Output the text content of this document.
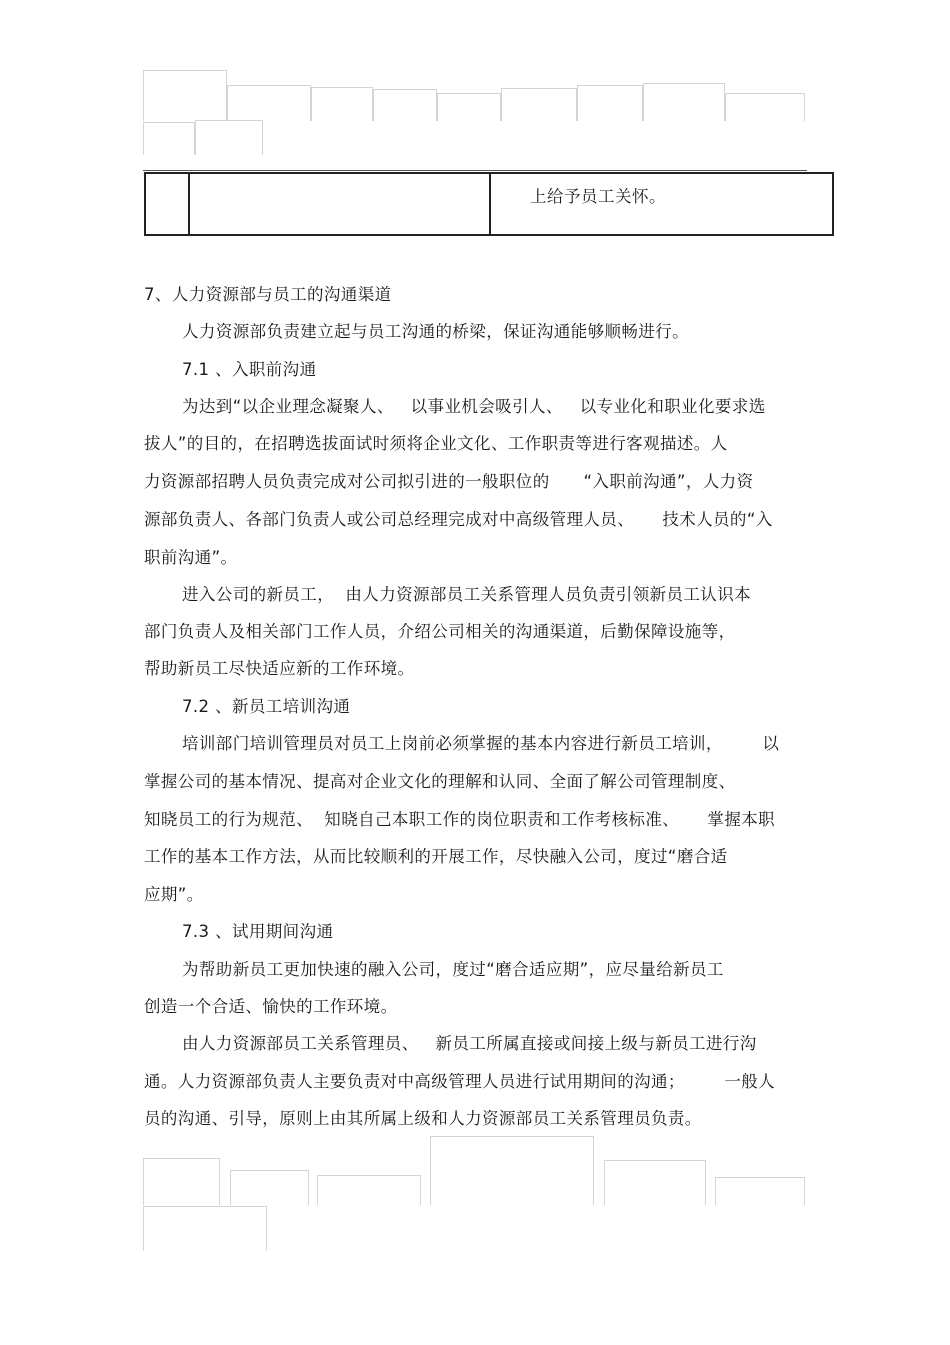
上给予员工关怀。
7、人力资源部与员工的沟通渠道
人力资源部负责建立起与员工沟通的桥梁，保证沟通能够顺畅进行。
7.1 、入职前沟通
为达到“以企业理念凝聚人、   以事业机会吸引人、   以专业化和职业化要求选
拔人”的目的，在招聘选拔面试时须将企业文化、工作职责等进行客观描述。人
力资源部招聘人员负责完成对公司拟引进的一般职位的      “入职前沟通”，人力资
源部负责人、各部门负责人或公司总经理完成对中高级管理人员、     技术人员的“入
职前沟通”。
进入公司的新员工，  由人力资源部员工关系管理人员负责引领新员工认识本
部门负责人及相关部门工作人员，介绍公司相关的沟通渠道，后勤保障设施等，
帮助新员工尽快适应新的工作环境。
7.2 、新员工培训沟通
培训部门培训管理员对员工上岗前必须掌握的基本内容进行新员工培训，       以
掌握公司的基本情况、提高对企业文化的理解和认同、全面了解公司管理制度、
知晓员工的行为规范、  知晓自己本职工作的岗位职责和工作考核标准、     掌握本职
工作的基本工作方法，从而比较顺利的开展工作，尽快融入公司，度过“磨合适
应期”。
7.3 、试用期间沟通
为帮助新员工更加快速的融入公司，度过“磨合适应期”，应尽量给新员工
创造一个合适、愉快的工作环境。
由人力资源部员工关系管理员、   新员工所属直接或间接上级与新员工进行沟
通。人力资源部负责人主要负责对中高级管理人员进行试用期间的沟通；       一般人
员的沟通、引导，原则上由其所属上级和人力资源部员工关系管理员负责。
